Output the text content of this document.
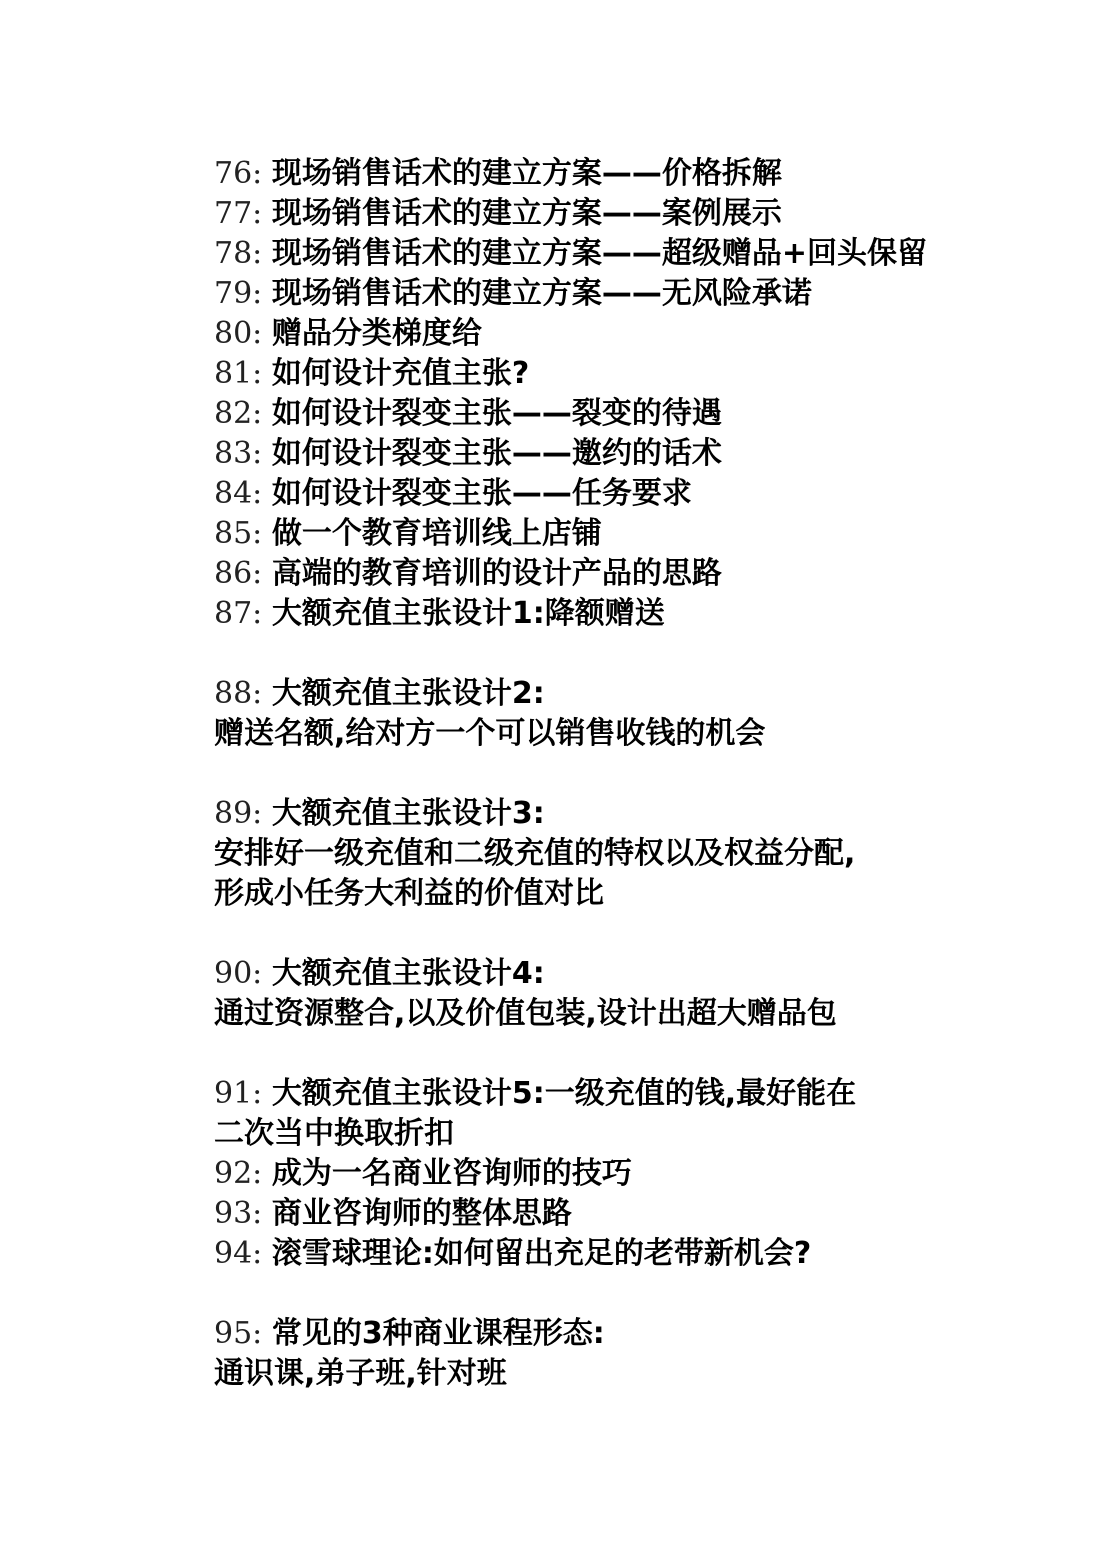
76: 现场销售话术的建立方案——价格拆解
77: 现场销售话术的建立方案——案例展示
78: 现场销售话术的建立方案——超级赠品+回头保留
79: 现场销售话术的建立方案——无风险承诺
80: 赠品分类梯度给
81: 如何设计充值主张?
82: 如何设计裂变主张——裂变的待遇
83: 如何设计裂变主张——邀约的话术
84: 如何设计裂变主张——任务要求
85: 做一个教育培训线上店铺
86: 高端的教育培训的设计产品的思路
87: 大额充值主张设计1:降额赠送
88: 大额充值主张设计2:
赠送名额,给对方一个可以销售收钱的机会
89: 大额充值主张设计3:
安排好一级充值和二级充值的特权以及权益分配,
形成小任务大利益的价值对比
90: 大额充值主张设计4:
通过资源整合,以及价值包装,设计出超大赠品包
91: 大额充值主张设计5:一级充值的钱,最好能在
二次当中换取折扣
92: 成为一名商业咨询师的技巧
93: 商业咨询师的整体思路
94: 滚雪球理论:如何留出充足的老带新机会?
95: 常见的3种商业课程形态:
通识课,弟子班,针对班
